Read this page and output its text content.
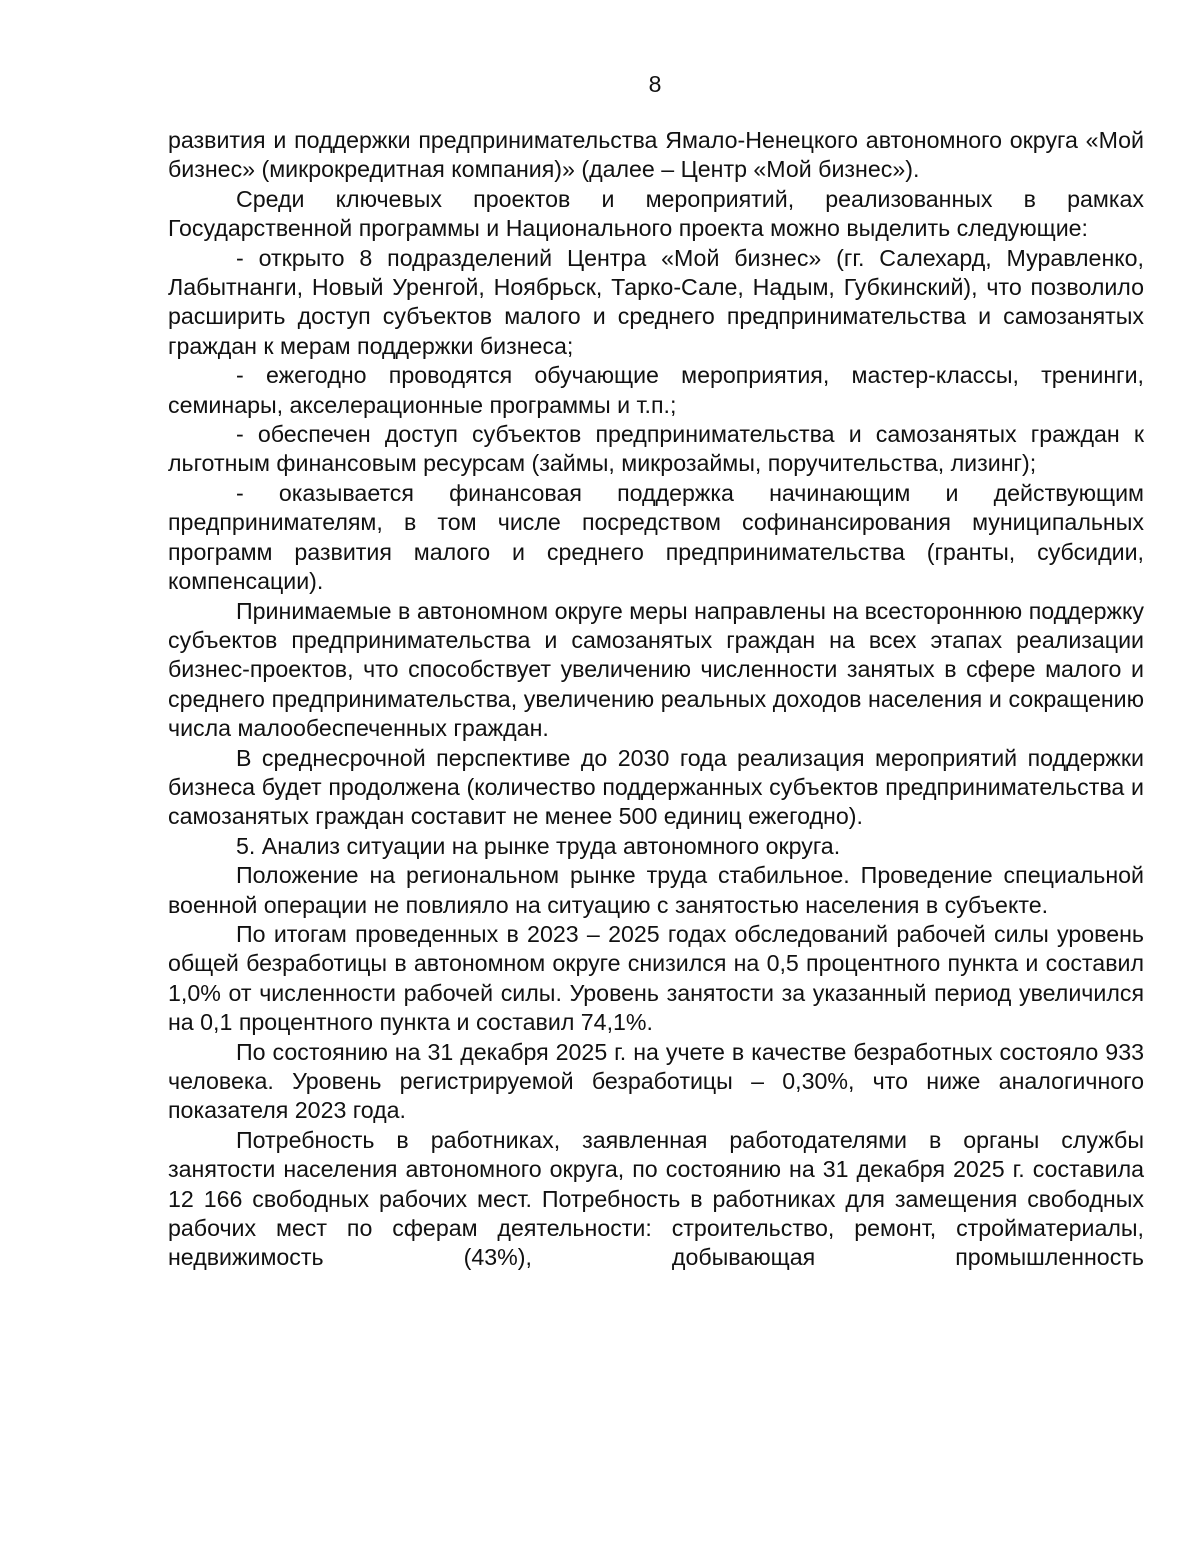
8

развития и поддержки предпринимательства Ямало-Ненецкого автономного округа «Мой бизнес» (микрокредитная компания)» (далее – Центр «Мой бизнес»).

Среди ключевых проектов и мероприятий, реализованных в рамках Государственной программы и Национального проекта можно выделить следующие:

- открыто 8 подразделений Центра «Мой бизнес» (гг. Салехард, Муравленко, Лабытнанги, Новый Уренгой, Ноябрьск, Тарко-Сале, Надым, Губкинский), что позволило расширить доступ субъектов малого и среднего предпринимательства и самозанятых граждан к мерам поддержки бизнеса;

- ежегодно проводятся обучающие мероприятия, мастер-классы, тренинги, семинары, акселерационные программы и т.п.;

- обеспечен доступ субъектов предпринимательства и самозанятых граждан к льготным финансовым ресурсам (займы, микрозаймы, поручительства, лизинг);

- оказывается финансовая поддержка начинающим и действующим предпринимателям, в том числе посредством софинансирования муниципальных программ развития малого и среднего предпринимательства (гранты, субсидии, компенсации).

Принимаемые в автономном округе меры направлены на всестороннюю поддержку субъектов предпринимательства и самозанятых граждан на всех этапах реализации бизнес-проектов, что способствует увеличению численности занятых в сфере малого и среднего предпринимательства, увеличению реальных доходов населения и сокращению числа малообеспеченных граждан.

В среднесрочной перспективе до 2030 года реализация мероприятий поддержки бизнеса будет продолжена (количество поддержанных субъектов предпринимательства и самозанятых граждан составит не менее 500 единиц ежегодно).

5. Анализ ситуации на рынке труда автономного округа.

Положение на региональном рынке труда стабильное. Проведение специальной военной операции не повлияло на ситуацию с занятостью населения в субъекте.

По итогам проведенных в 2023 – 2025 годах обследований рабочей силы уровень общей безработицы в автономном округе снизился на 0,5 процентного пункта и составил 1,0% от численности рабочей силы. Уровень занятости за указанный период увеличился на 0,1 процентного пункта и составил 74,1%.

По состоянию на 31 декабря 2025 г. на учете в качестве безработных состояло 933 человека. Уровень регистрируемой безработицы – 0,30%, что ниже аналогичного показателя 2023 года.

Потребность в работниках, заявленная работодателями в органы службы занятости населения автономного округа, по состоянию на 31 декабря 2025 г. составила 12 166 свободных рабочих мест. Потребность в работниках для замещения свободных рабочих мест по сферам деятельности: строительство, ремонт, стройматериалы, недвижимость (43%), добывающая промышленность
